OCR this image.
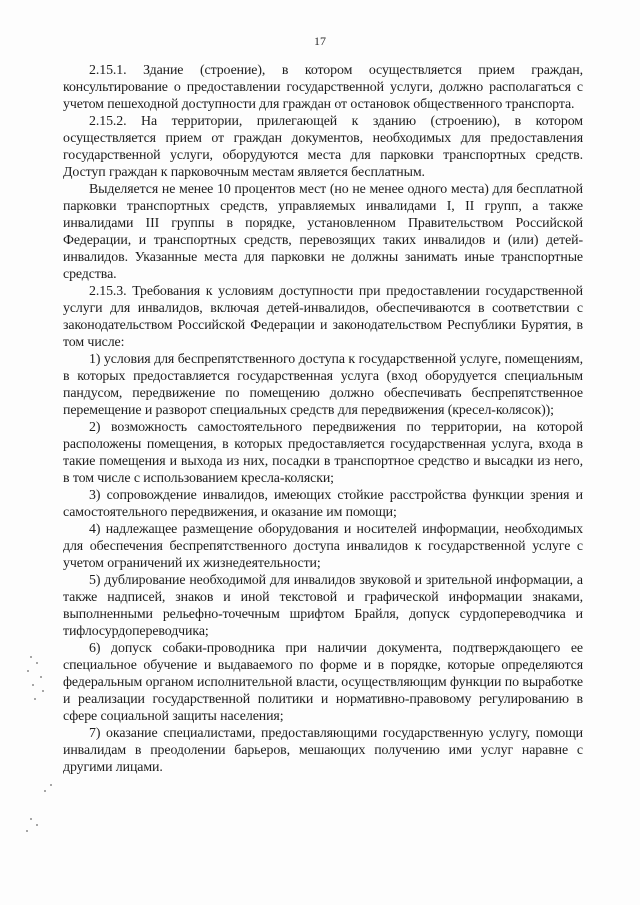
17

2.15.1. Здание (строение), в котором осуществляется прием граждан, консультирование о предоставлении государственной услуги, должно располагаться с учетом пешеходной доступности для граждан от остановок общественного транспорта.

2.15.2. На территории, прилегающей к зданию (строению), в котором осуществляется прием от граждан документов, необходимых для предоставления государственной услуги, оборудуются места для парковки транспортных средств. Доступ граждан к парковочным местам является бесплатным.

Выделяется не менее 10 процентов мест (но не менее одного места) для бесплатной парковки транспортных средств, управляемых инвалидами I, II групп, а также инвалидами III группы в порядке, установленном Правительством Российской Федерации, и транспортных средств, перевозящих таких инвалидов и (или) детей-инвалидов. Указанные места для парковки не должны занимать иные транспортные средства.

2.15.3. Требования к условиям доступности при предоставлении государственной услуги для инвалидов, включая детей-инвалидов, обеспечиваются в соответствии с законодательством Российской Федерации и законодательством Республики Бурятия, в том числе:

1) условия для беспрепятственного доступа к государственной услуге, помещениям, в которых предоставляется государственная услуга (вход оборудуется специальным пандусом, передвижение по помещению должно обеспечивать беспрепятственное перемещение и разворот специальных средств для передвижения (кресел-колясок));

2) возможность самостоятельного передвижения по территории, на которой расположены помещения, в которых предоставляется государственная услуга, входа в такие помещения и выхода из них, посадки в транспортное средство и высадки из него, в том числе с использованием кресла-коляски;

3) сопровождение инвалидов, имеющих стойкие расстройства функции зрения и самостоятельного передвижения, и оказание им помощи;

4) надлежащее размещение оборудования и носителей информации, необходимых для обеспечения беспрепятственного доступа инвалидов к государственной услуге с учетом ограничений их жизнедеятельности;

5) дублирование необходимой для инвалидов звуковой и зрительной информации, а также надписей, знаков и иной текстовой и графической информации знаками, выполненными рельефно-точечным шрифтом Брайля, допуск сурдопереводчика и тифлосурдопереводчика;

6) допуск собаки-проводника при наличии документа, подтверждающего ее специальное обучение и выдаваемого по форме и в порядке, которые определяются федеральным органом исполнительной власти, осуществляющим функции по выработке и реализации государственной политики и нормативно-правовому регулированию в сфере социальной защиты населения;

7) оказание специалистами, предоставляющими государственную услугу, помощи инвалидам в преодолении барьеров, мешающих получению ими услуг наравне с другими лицами.
